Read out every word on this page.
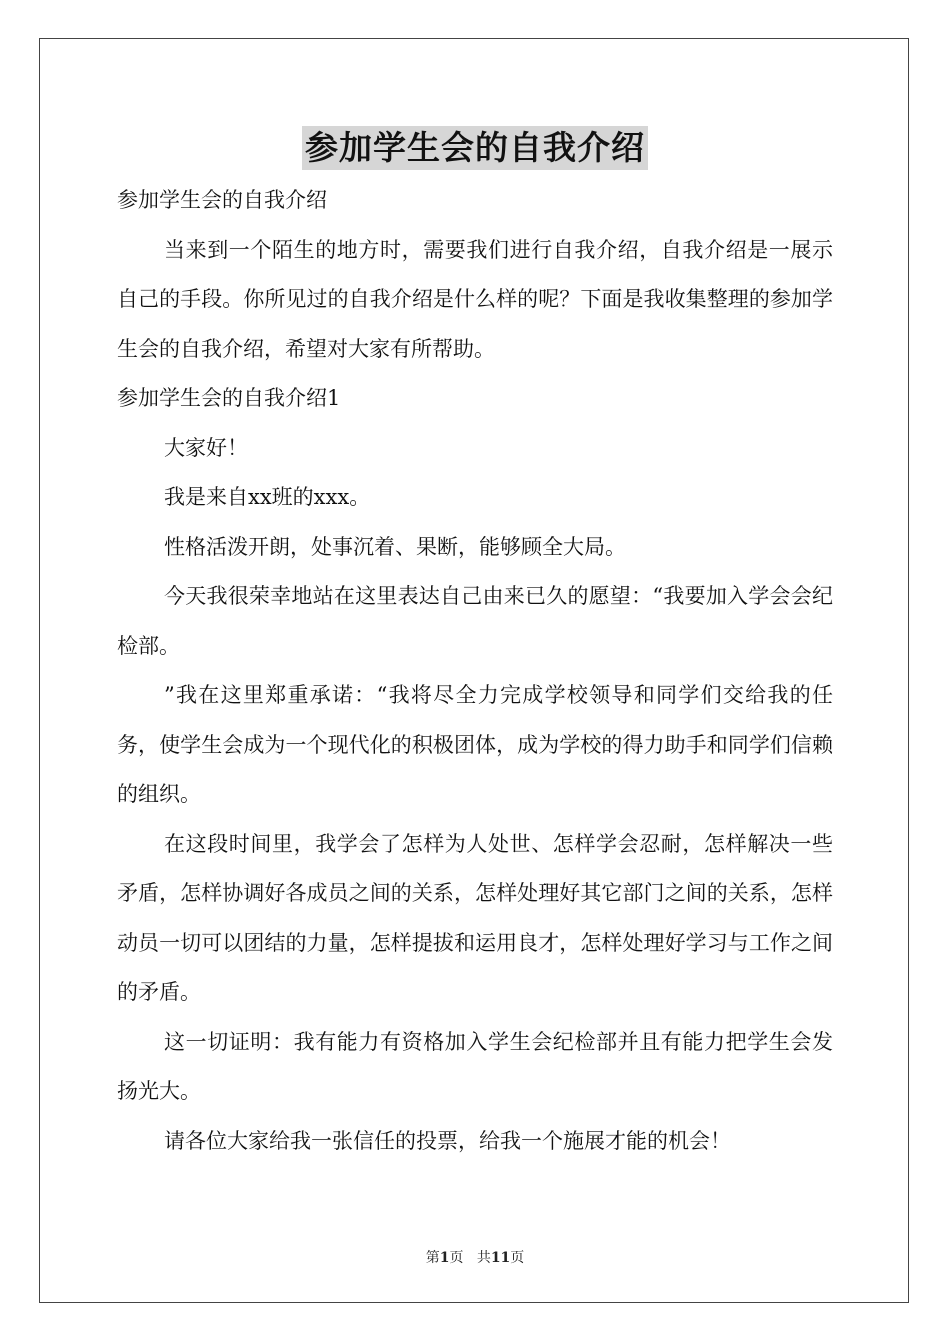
参加学生会的自我介绍

参加学生会的自我介绍

当来到一个陌生的地方时，需要我们进行自我介绍，自我介绍是一展示自己的手段。你所见过的自我介绍是什么样的呢？下面是我收集整理的参加学生会的自我介绍，希望对大家有所帮助。

参加学生会的自我介绍1

大家好！

我是来自xx班的xxx。

性格活泼开朗，处事沉着、果断，能够顾全大局。

今天我很荣幸地站在这里表达自己由来已久的愿望：“我要加入学会会纪检部。

”我在这里郑重承诺：“我将尽全力完成学校领导和同学们交给我的任务，使学生会成为一个现代化的积极团体，成为学校的得力助手和同学们信赖的组织。

在这段时间里，我学会了怎样为人处世、怎样学会忍耐，怎样解决一些矛盾，怎样协调好各成员之间的关系，怎样处理好其它部门之间的关系，怎样动员一切可以团结的力量，怎样提拔和运用良才，怎样处理好学习与工作之间的矛盾。

这一切证明：我有能力有资格加入学生会纪检部并且有能力把学生会发扬光大。

请各位大家给我一张信任的投票，给我一个施展才能的机会！

第1页 共11页
